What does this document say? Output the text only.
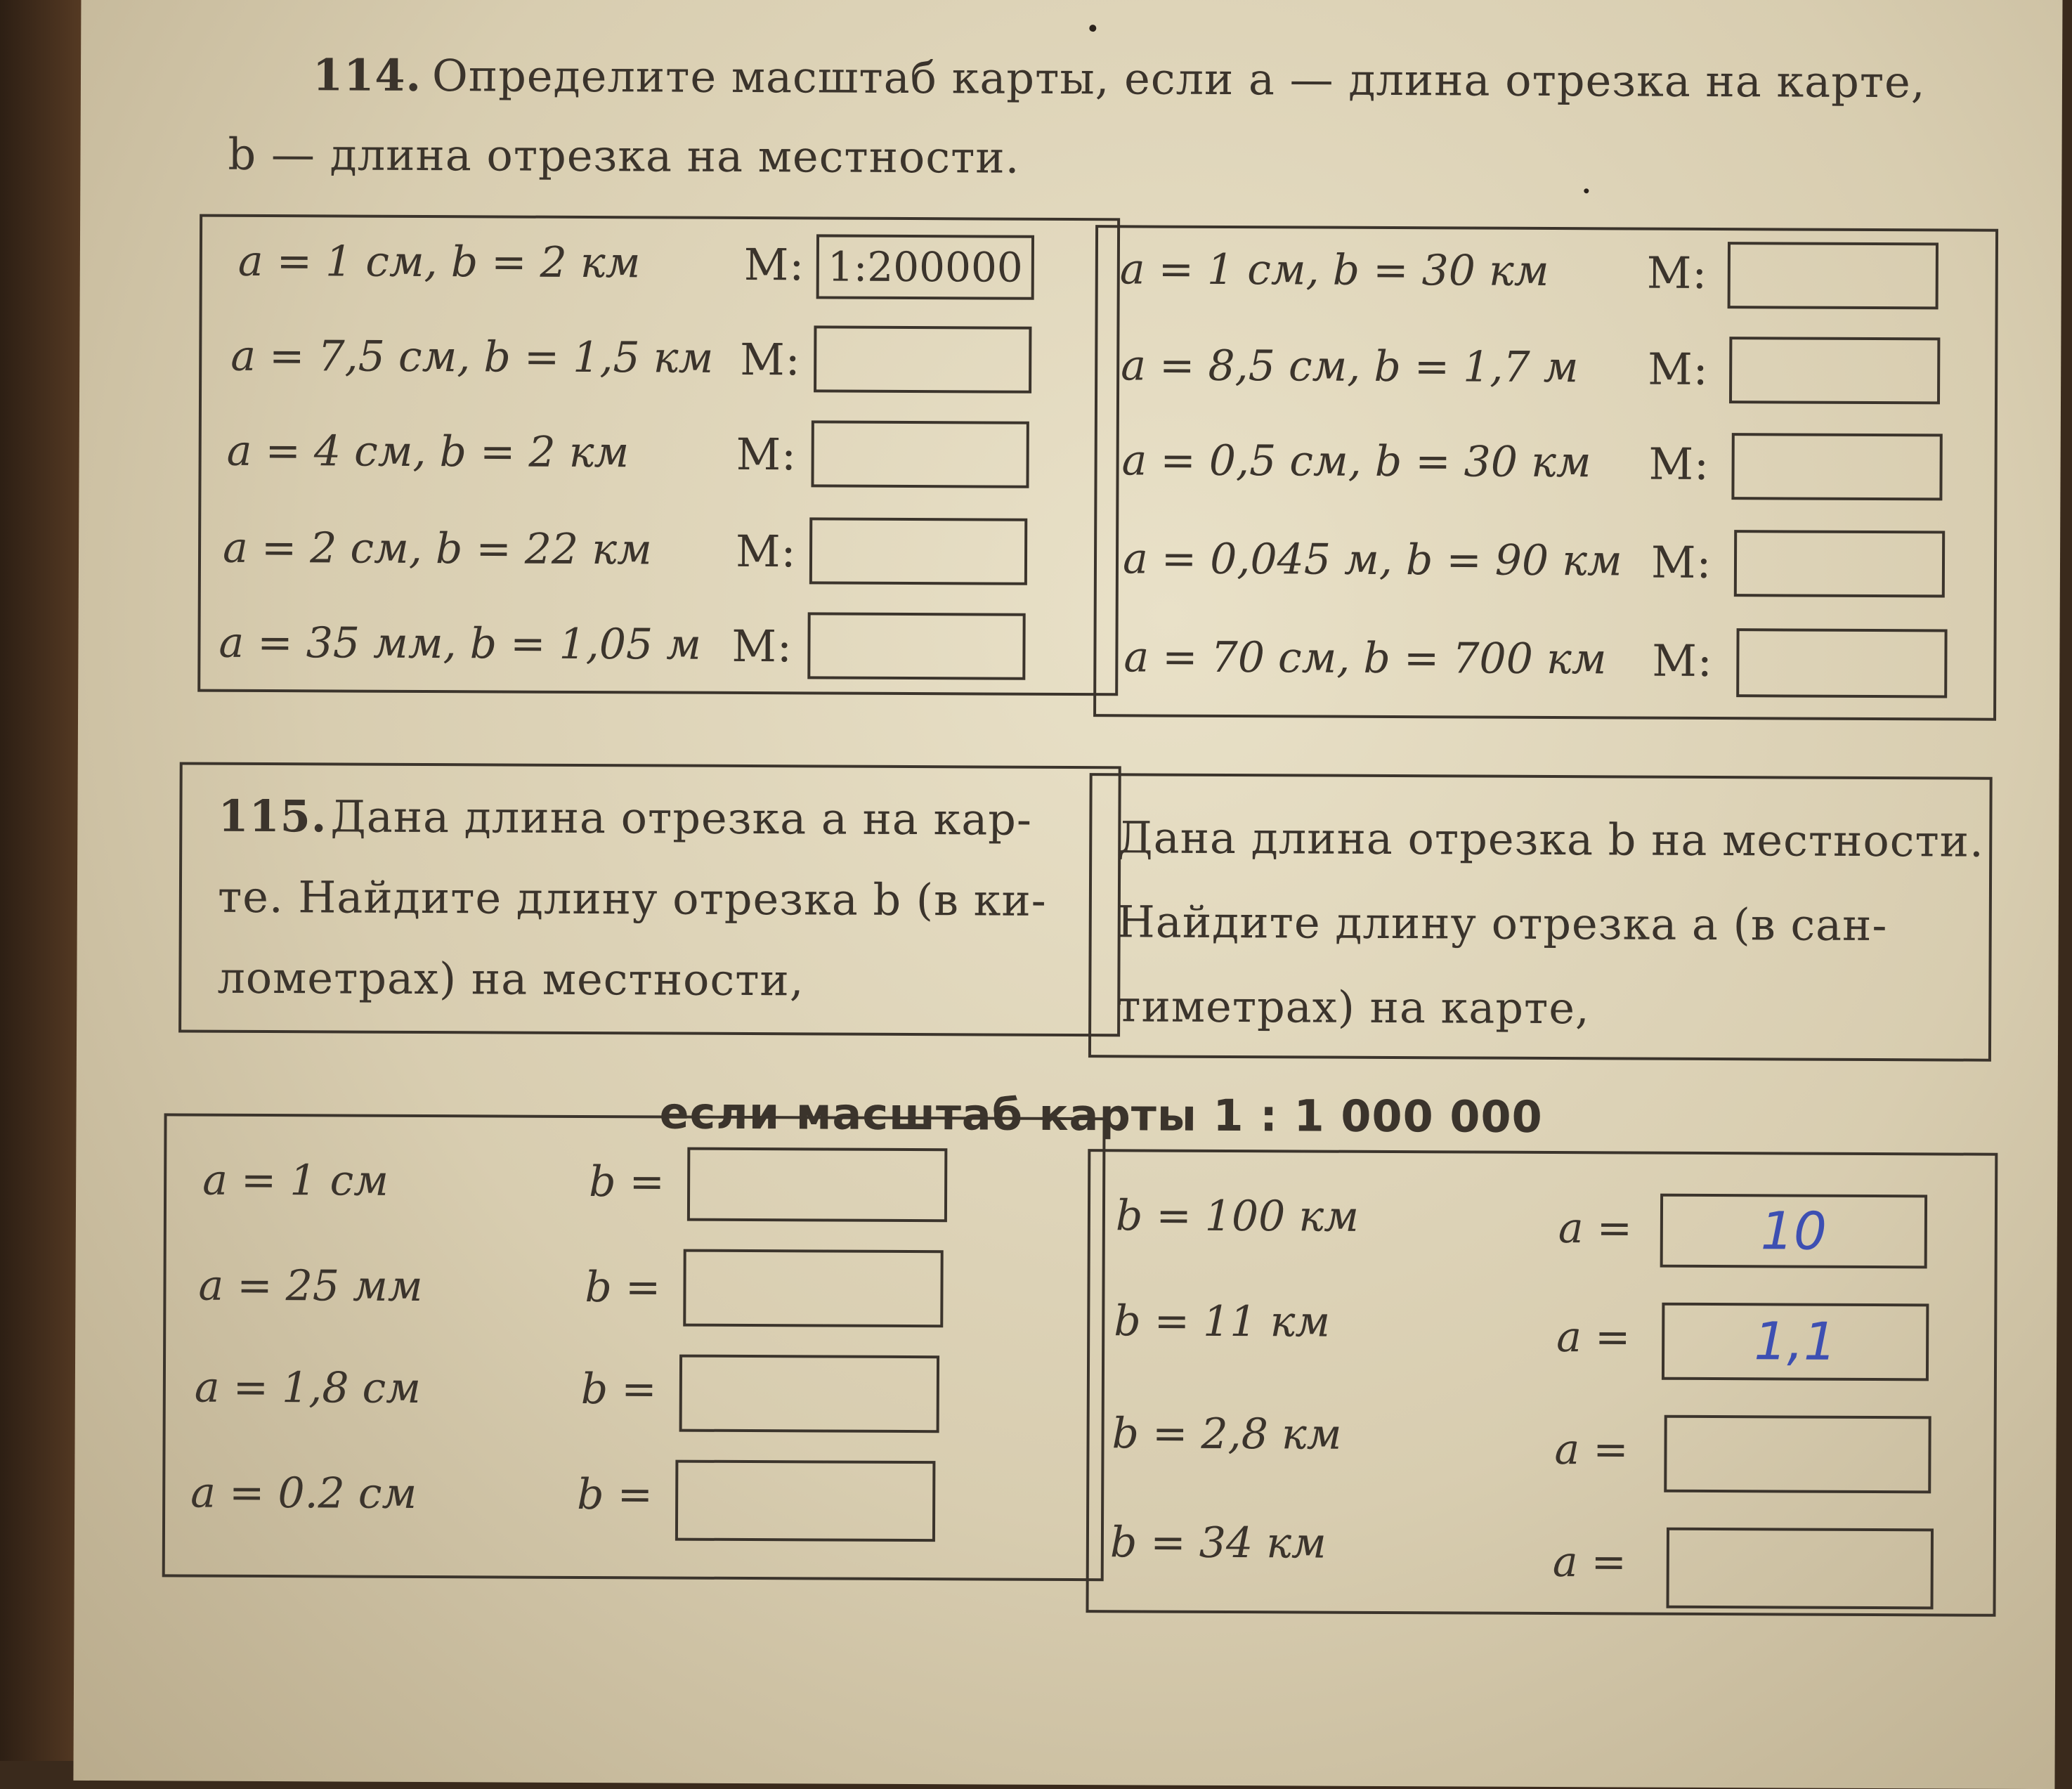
114. Определите масштаб карты, если a — длина отрезка на карте,
b — длина отрезка на местности.
a = 1 см, b = 2 км М: 1:200000
a = 7,5 см, b = 1,5 км М:
a = 4 см, b = 2 км М:
a = 2 см, b = 22 км М:
a = 35 мм, b = 1,05 м М:
a = 1 см, b = 30 км М:
a = 8,5 см, b = 1,7 м М:
a = 0,5 см, b = 30 км М:
a = 0,045 м, b = 90 км М:
a = 70 см, b = 700 км М:
115. Дана длина отрезка a на кар-
те. Найдите длину отрезка b (в ки-
лометрах) на местности,
Дана длина отрезка b на местности.
Найдите длину отрезка a (в сан-
тиметрах) на карте,
если масштаб карты 1 : 1 000 000
a = 1 см	b =
a = 25 мм	b =
a = 1,8 см	b =
a = 0.2 см	b =
b = 100 км	a =	10
b = 11 км	a =	1,1
b = 2,8 км	a =
b = 34 км	a =
